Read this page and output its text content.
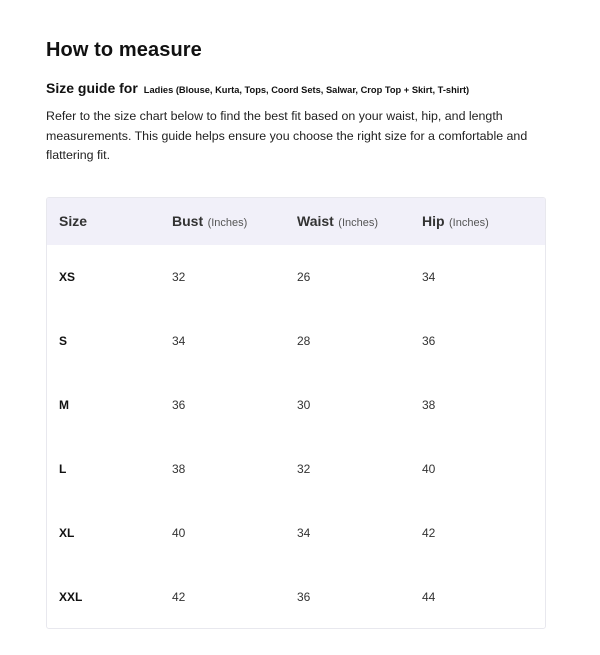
How to measure
Size guide for Ladies (Blouse, Kurta, Tops, Coord Sets, Salwar, Crop Top + Skirt, T-shirt)

Refer to the size chart below to find the best fit based on your waist, hip, and length measurements. This guide helps ensure you choose the right size for a comfortable and flattering fit.

Size	Bust (Inches)	Waist (Inches)	Hip (Inches)
XS	32	26	34
S	34	28	36
M	36	30	38
L	38	32	40
XL	40	34	42
XXL	42	36	44
